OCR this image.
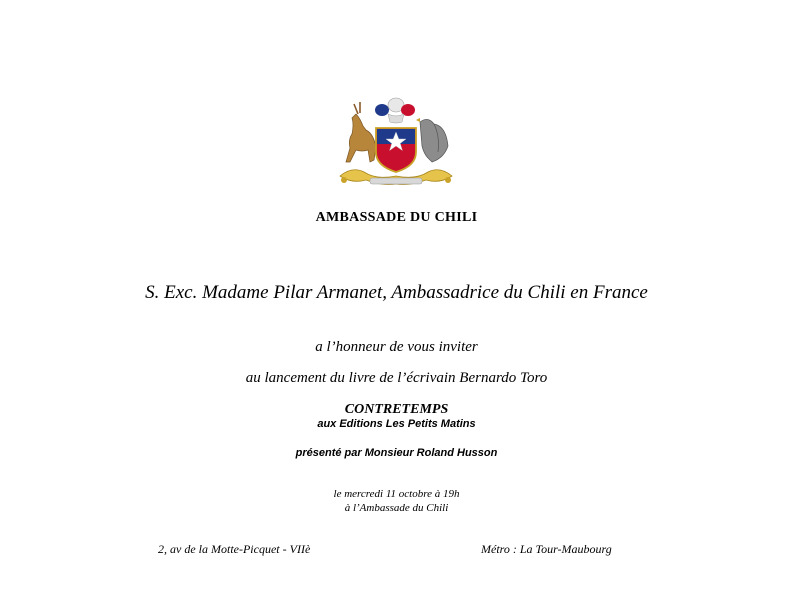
AMBASSADE DU CHILI
S. Exc. Madame Pilar Armanet, Ambassadrice du Chili en France
a l’honneur de vous inviter
au lancement du livre de l’écrivain Bernardo Toro
CONTRETEMPS
aux Editions Les Petits Matins
présenté par Monsieur Roland Husson
le mercredi 11 octobre à 19h
à l’Ambassade du Chili
2, av de la Motte-Picquet - VIIè	Métro : La Tour-Maubourg
